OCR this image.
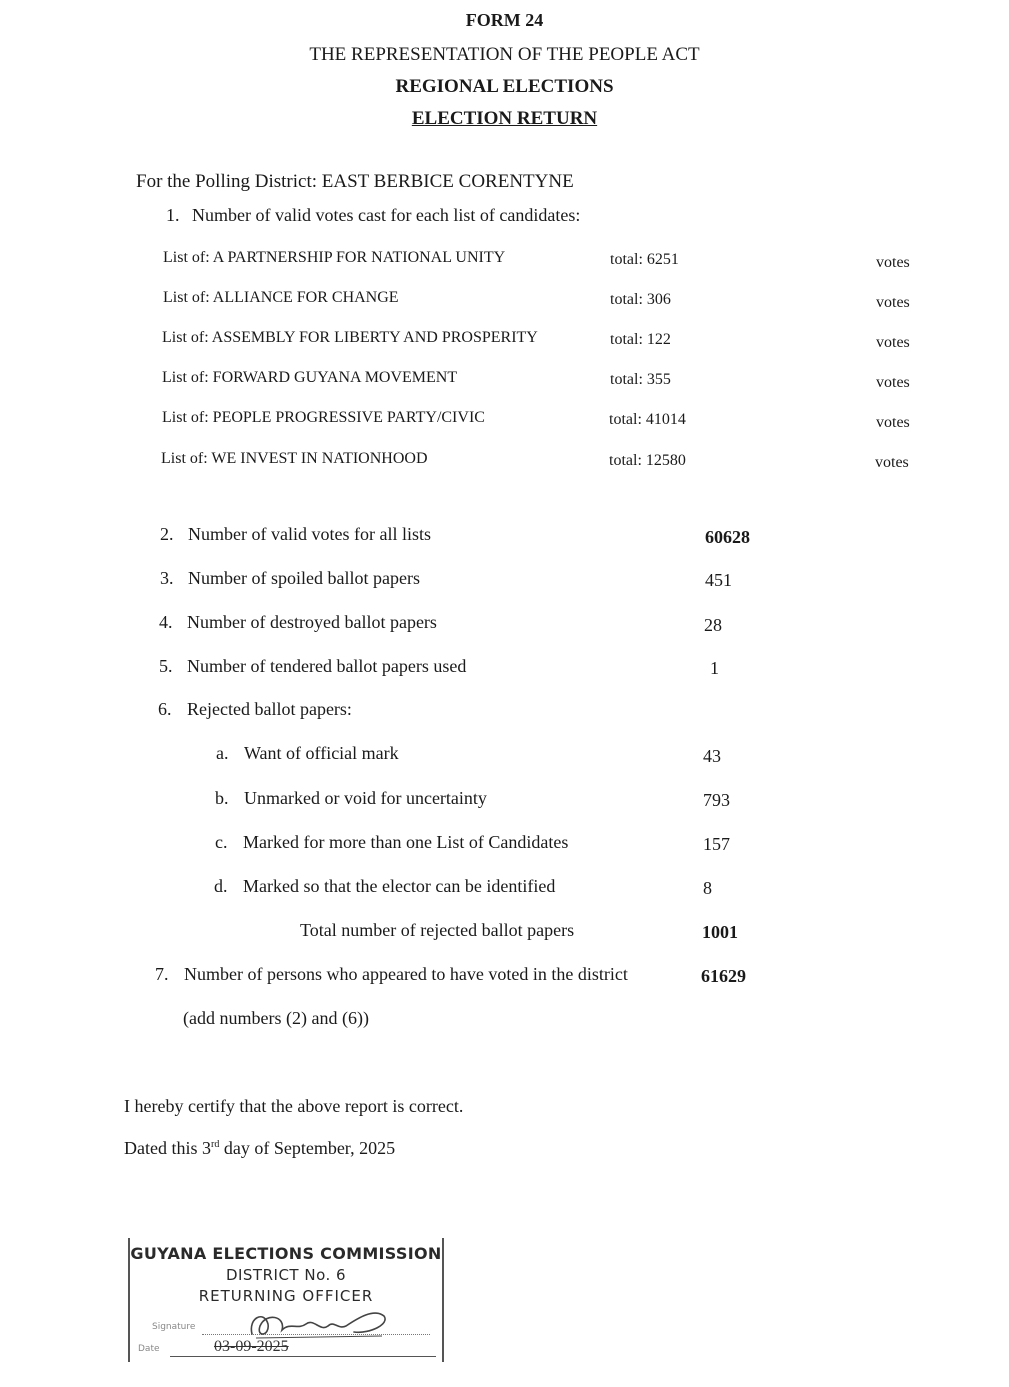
FORM 24
THE REPRESENTATION OF THE PEOPLE ACT
REGIONAL ELECTIONS
ELECTION RETURN
For the Polling District: EAST BERBICE CORENTYNE
1. Number of valid votes cast for each list of candidates:
List of: A PARTNERSHIP FOR NATIONAL UNITY	total: 6251	votes
List of: ALLIANCE FOR CHANGE	total: 306	votes
List of: ASSEMBLY FOR LIBERTY AND PROSPERITY	total: 122	votes
List of: FORWARD GUYANA MOVEMENT	total: 355	votes
List of: PEOPLE PROGRESSIVE PARTY/CIVIC	total: 41014	votes
List of: WE INVEST IN NATIONHOOD	total: 12580	votes
2. Number of valid votes for all lists	60628
3. Number of spoiled ballot papers	451
4. Number of destroyed ballot papers	28
5. Number of tendered ballot papers used	1
6. Rejected ballot papers:
a. Want of official mark	43
b. Unmarked or void for uncertainty	793
c. Marked for more than one List of Candidates	157
d. Marked so that the elector can be identified	8
Total number of rejected ballot papers	1001
7. Number of persons who appeared to have voted in the district	61629
(add numbers (2) and (6))
I hereby certify that the above report is correct.
Dated this 3rd day of September, 2025
GUYANA ELECTIONS COMMISSION
DISTRICT No. 6
RETURNING OFFICER
Signature
Date	03-09-2025
